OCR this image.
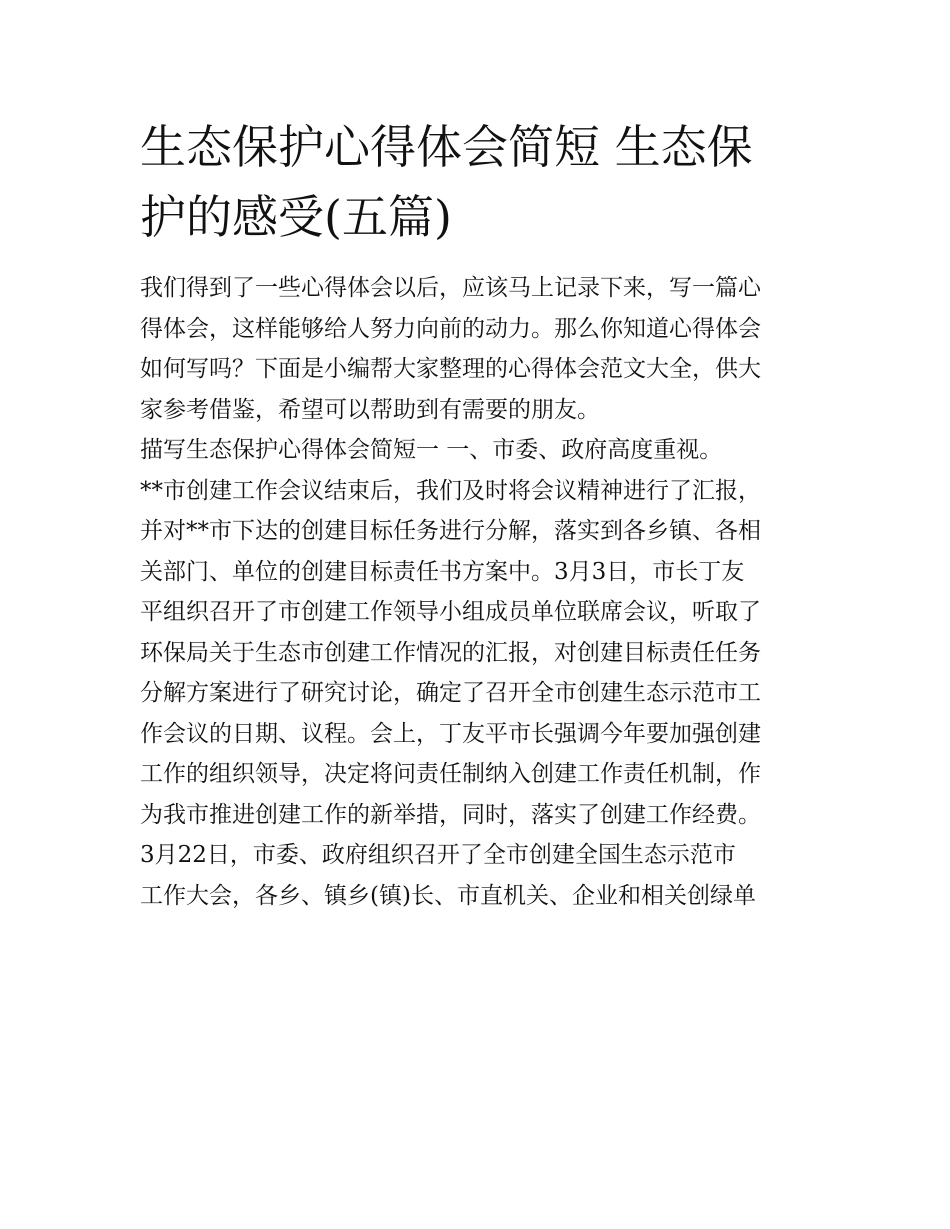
生态保护心得体会简短 生态保
护的感受(五篇)
我们得到了一些心得体会以后，应该马上记录下来，写一篇心
得体会，这样能够给人努力向前的动力。那么你知道心得体会
如何写吗？下面是小编帮大家整理的心得体会范文大全，供大
家参考借鉴，希望可以帮助到有需要的朋友。
描写生态保护心得体会简短一 一、市委、政府高度重视。
**市创建工作会议结束后，我们及时将会议精神进行了汇报，
并对**市下达的创建目标任务进行分解，落实到各乡镇、各相
关部门、单位的创建目标责任书方案中。3月3日，市长丁友
平组织召开了市创建工作领导小组成员单位联席会议，听取了
环保局关于生态市创建工作情况的汇报，对创建目标责任任务
分解方案进行了研究讨论，确定了召开全市创建生态示范市工
作会议的日期、议程。会上，丁友平市长强调今年要加强创建
工作的组织领导，决定将问责任制纳入创建工作责任机制，作
为我市推进创建工作的新举措，同时，落实了创建工作经费。
3月22日，市委、政府组织召开了全市创建全国生态示范市
工作大会，各乡、镇乡(镇)长、市直机关、企业和相关创绿单
